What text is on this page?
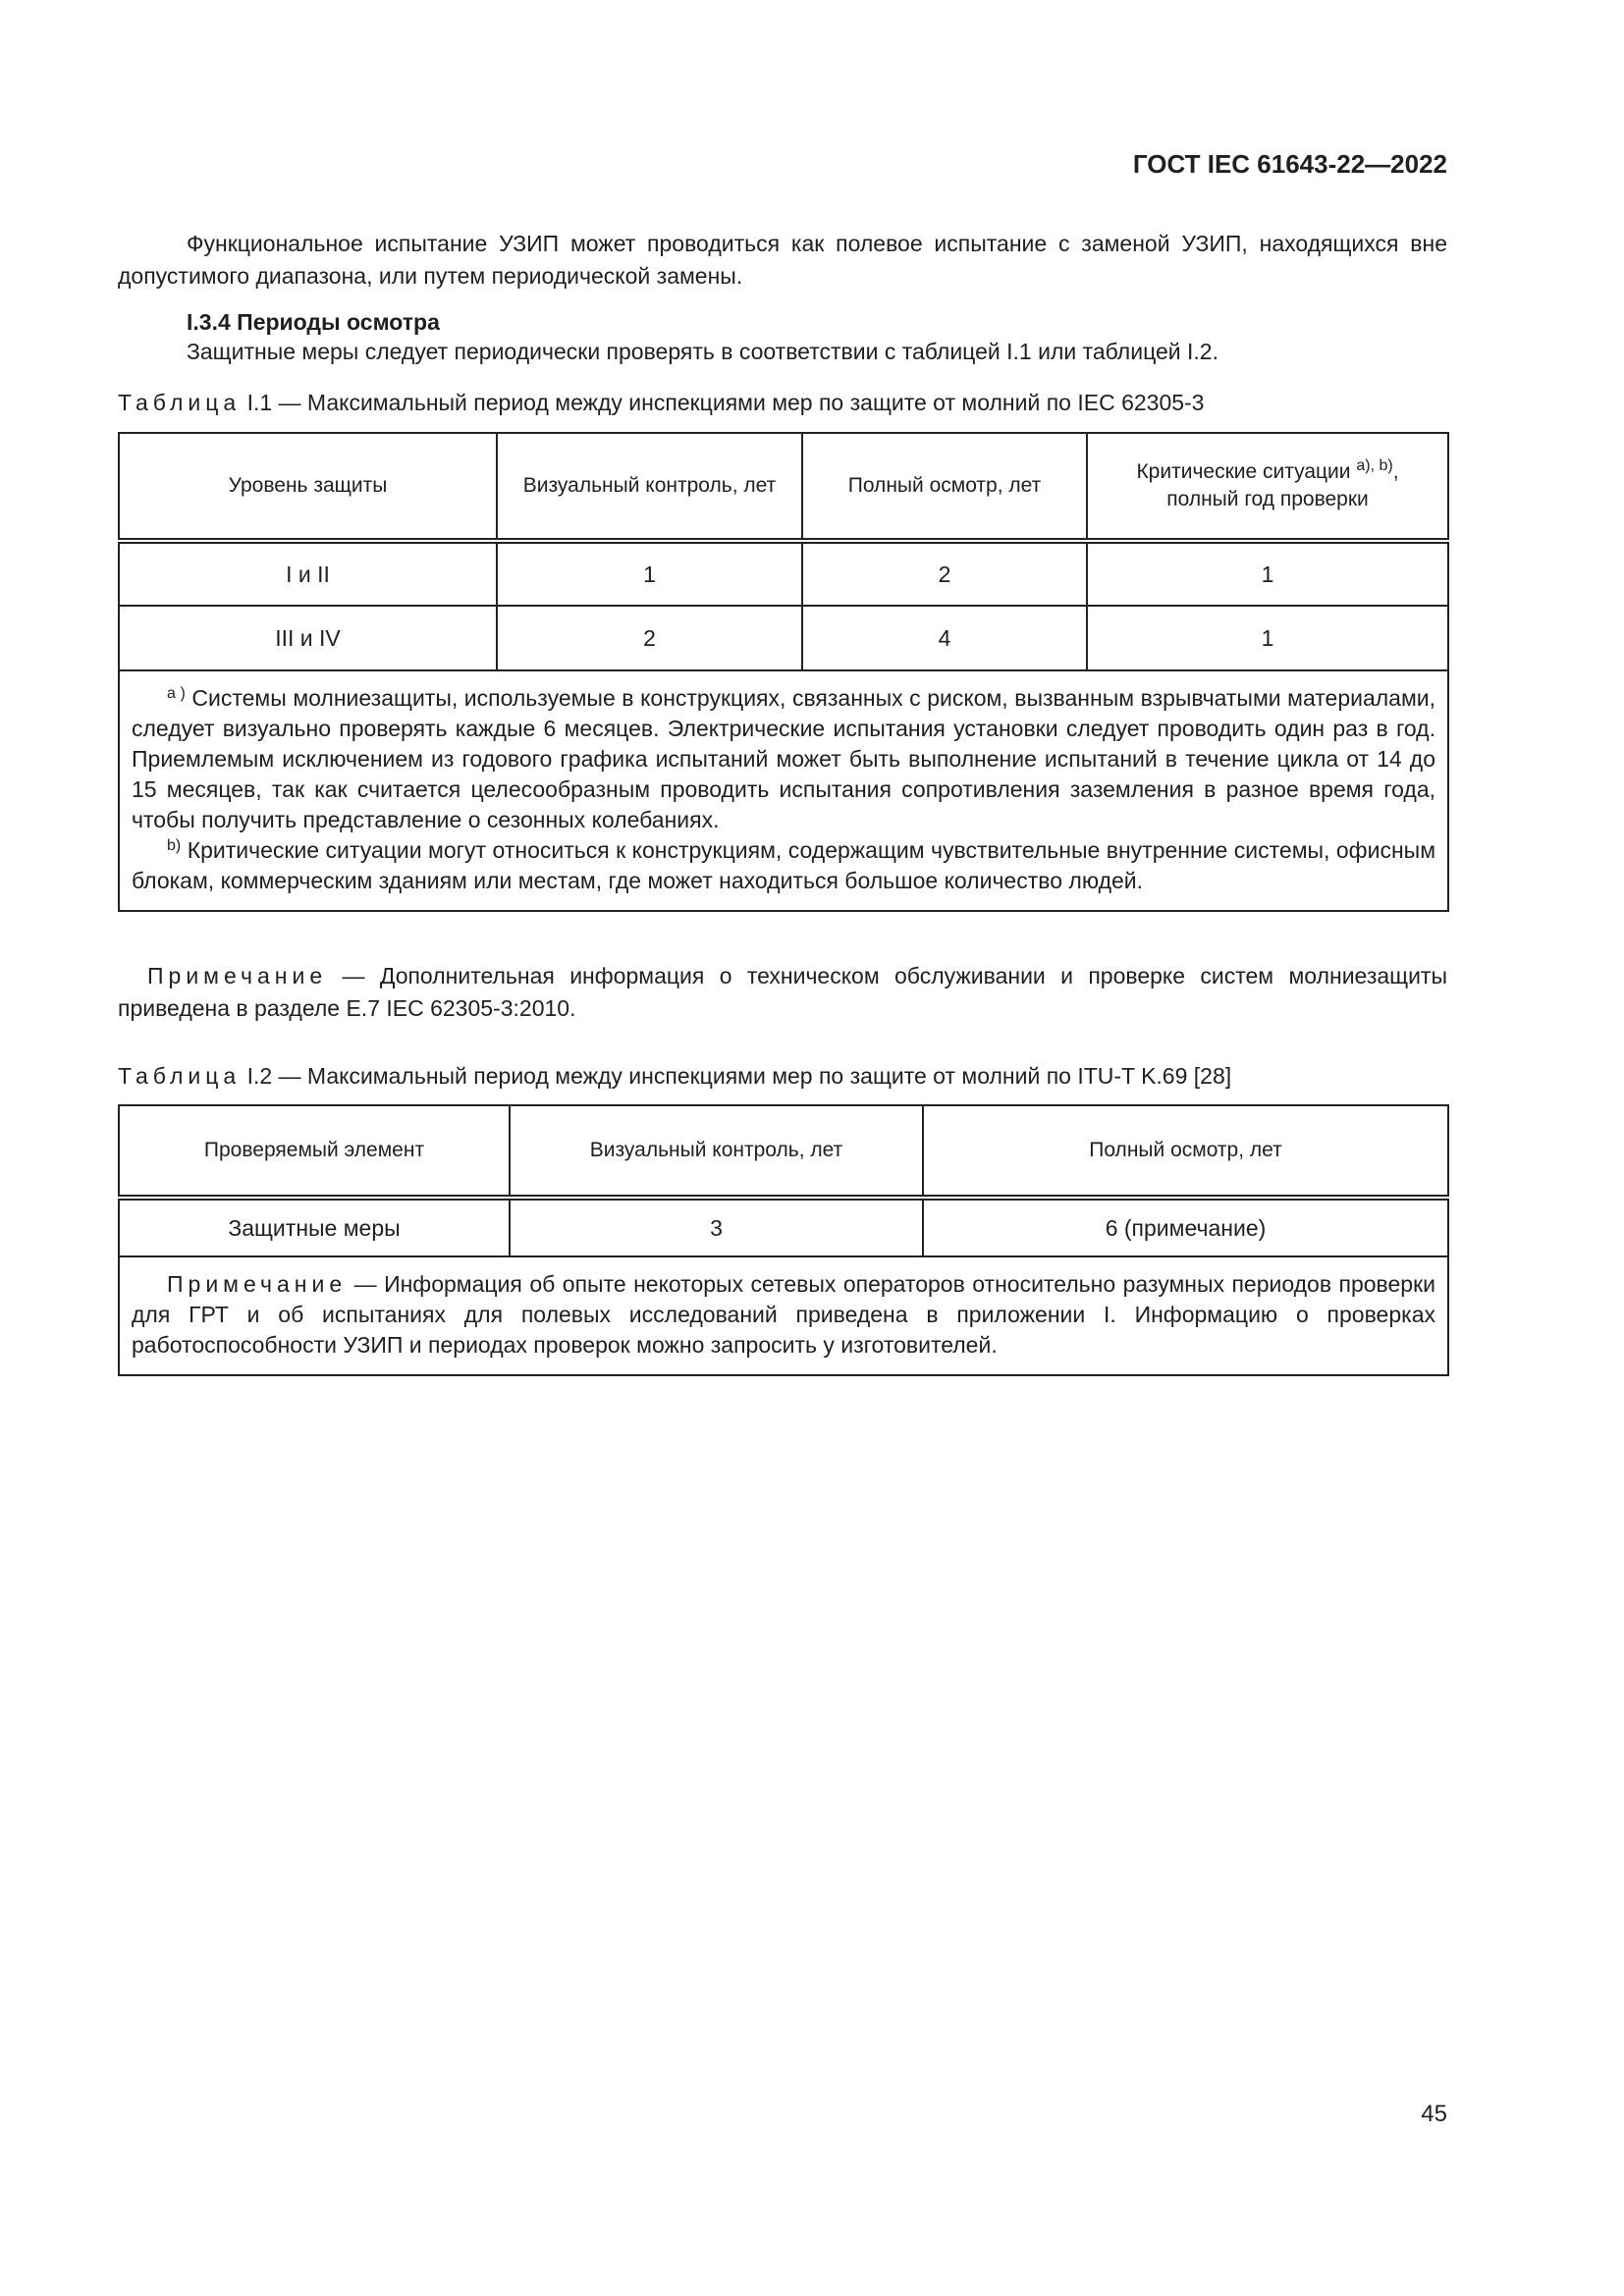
ГОСТ IEC 61643-22—2022

Функциональное испытание УЗИП может проводиться как полевое испытание с заменой УЗИП, находящихся вне допустимого диапазона, или путем периодической замены.

I.3.4 Периоды осмотра

Защитные меры следует периодически проверять в соответствии с таблицей I.1 или таблицей I.2.

Таблица I.1 — Максимальный период между инспекциями мер по защите от молний по IEC 62305-3
Уровень защиты	Визуальный контроль, лет	Полный осмотр, лет	Критические ситуации $^{a), b)}$,
полный год проверки
I и II	1	2	1
III и IV	2	4	1

$^{a )}$ Системы молниезащиты, используемые в конструкциях, связанных с риском, вызванным взрывчатыми материалами, следует визуально проверять каждые 6 месяцев. Электрические испытания установки следует проводить один раз в год. Приемлемым исключением из годового графика испытаний может быть выполнение испытаний в течение цикла от 14 до 15 месяцев, так как считается целесообразным проводить испытания сопротивления заземления в разное время года, чтобы получить представление о сезонных колебаниях.
$^{b)}$ Критические ситуации могут относиться к конструкциям, содержащим чувствительные внутренние системы, офисным блокам, коммерческим зданиям или местам, где может находиться большое количество людей.			

Примечание — Дополнительная информация о техническом обслуживании и проверке систем молниезащиты приведена в разделе Е.7 IEC 62305-3:2010.

Таблица I.2 — Максимальный период между инспекциями мер по защите от молний по ITU-T K.69 [28]
Проверяемый элемент	Визуальный контроль, лет	Полный осмотр, лет
Защитные меры	3	6 (примечание)

Примечание — Информация об опыте некоторых сетевых операторов относительно разумных периодов проверки для ГРТ и об испытаниях для полевых исследований приведена в приложении I. Информацию о проверках работоспособности УЗИП и периодах проверок можно запросить у изготовителей.		
45
